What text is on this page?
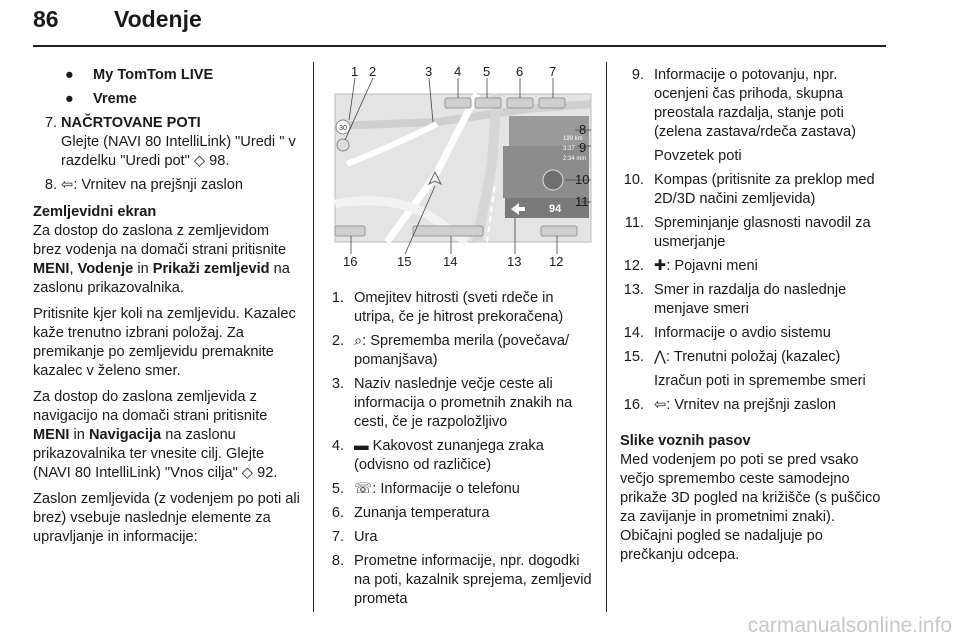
86 Vodenje
● My TomTom LIVE
● Vreme
7. NAČRTOVANE POTI
Glejte (NAVI 80 IntelliLink) "Uredi " v razdelku "Uredi pot" ◇ 98.
8. ⇦: Vrnitev na prejšnji zaslon

Zemljevidni ekran

Za dostop do zaslona z zemljevidom brez vodenja na domači strani pritisnite MENI, Vodenje in Prikaži zemljevid na zaslonu prikazovalnika.

Pritisnite kjer koli na zemljevidu. Kazalec kaže trenutno izbrani položaj. Za premikanje po zemljevidu premaknite kazalec v želeno smer.

Za dostop do zaslona zemljevida z navigacijo na domači strani pritisnite MENI in Navigacija na zaslonu prikazovalnika ter vnesite cilj. Glejte (NAVI 80 IntelliLink) "Vnos cilja" ◇ 92.

Zaslon zemljevida (z vodenjem po poti ali brez) vsebuje naslednje elemente za upravljanje in informacije:

30
199 km
3:37
2:34 min
94
1 2	3 4 5 6 7
8
9
10
11
16	15 14	13 12
1. Omejitev hitrosti (sveti rdeče in utripa, če je hitrost prekoračena)
2. ⌕: Sprememba merila (povečava/ pomanjšava)
3. Naziv naslednje večje ceste ali informacija o prometnih znakih na cesti, če je razpoložljivo
4. ▬ Kakovost zunanjega zraka (odvisno od različice)
5. ☏: Informacije o telefonu
6. Zunanja temperatura
7. Ura
8. Prometne informacije, npr. dogodki na poti, kazalnik sprejema, zemljevid prometa
9. Informacije o potovanju, npr. ocenjeni čas prihoda, skupna preostala razdalja, stanje poti (zelena zastava/rdeča zastava)
Povzetek poti
10. Kompas (pritisnite za preklop med 2D/3D načini zemljevida)
11. Spreminjanje glasnosti navodil za usmerjanje
12. ✚: Pojavni meni
13. Smer in razdalja do naslednje menjave smeri
14. Informacije o avdio sistemu
15. ⋀: Trenutni položaj (kazalec)
Izračun poti in spremembe smeri
16. ⇦: Vrnitev na prejšnji zaslon

Slike voznih pasov

Med vodenjem po poti se pred vsako večjo spremembo ceste samodejno prikaže 3D pogled na križišče (s puščico za zavijanje in prometnimi znaki). Običajni pogled se nadaljuje po prečkanju odcepa.

carmanualsonline.info
